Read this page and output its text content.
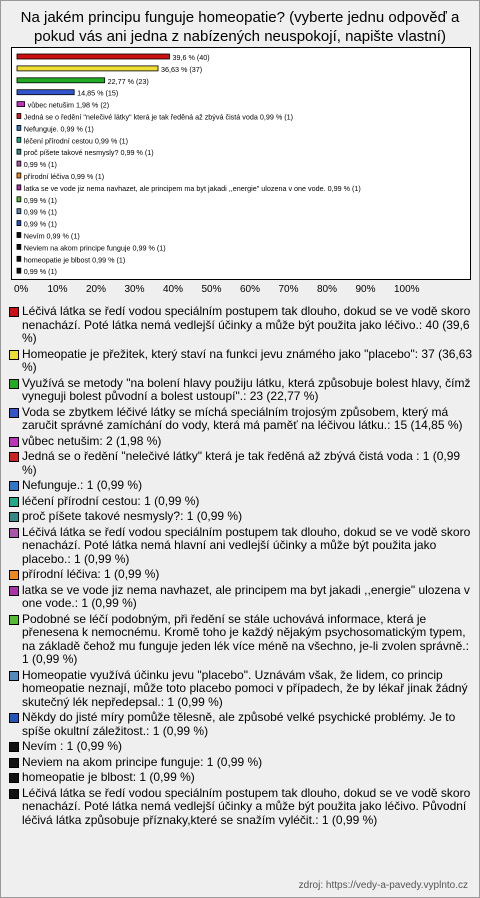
Na jakém principu funguje homeopatie? (vyberte jednu odpověď a pokud vás ani jedna z nabízených neuspokojí, napište vlastní)
39,6 % (40)
36,63 % (37)
22,77 % (23)
14,85 % (15)
vůbec netušim 1,98 % (2)
Jedná se o ředění "nelečivé látky" která je tak ředěná až zbývá čistá voda 0,99 % (1)
Nefunguje. 0,99 % (1)
léčení přírodní cestou 0,99 % (1)
proč píšete takové nesmysly? 0,99 % (1)
0,99 % (1)
přírodní léčiva 0,99 % (1)
latka se ve vode jiz nema navhazet, ale principem ma byt jakadi ,,energie" ulozena v one vode. 0,99 % (1)
0,99 % (1)
0,99 % (1)
0,99 % (1)
Nevím 0,99 % (1)
Neviem na akom principe funguje 0,99 % (1)
homeopatie je blbost 0,99 % (1)
0,99 % (1)
0% 10% 20% 30% 40% 50% 60% 70% 80% 90% 100%
Léčivá látka se ředí vodou speciálním postupem tak dlouho, dokud se ve vodě skoro nenachází. Poté látka nemá vedlejší účinky a může být použita jako léčivo.: 40 (39,6 %)
Homeopatie je přežitek, který staví na funkci jevu známého jako "placebo": 37 (36,63 %)
Využívá se metody "na bolení hlavy použiju látku, která způsobuje bolest hlavy, čímž vyneguji bolest původní a bolest ustoupí".: 23 (22,77 %)
Voda se zbytkem léčivé látky se míchá speciálním trojosým způsobem, který má zaručit správné zamíchání do vody, která má paměť na léčivou látku.: 15 (14,85 %)
vůbec netušim: 2 (1,98 %)
Jedná se o ředění "nelečivé látky" která je tak ředěná až zbývá čistá voda : 1 (0,99 %)
Nefunguje.: 1 (0,99 %)
léčení přírodní cestou: 1 (0,99 %)
proč píšete takové nesmysly?: 1 (0,99 %)
Léčivá látka se ředí vodou speciálním postupem tak dlouho, dokud se ve vodě skoro nenachází. Poté látka nemá hlavní ani vedlejší účinky a může být použita jako placebo.: 1 (0,99 %)
přírodní léčiva: 1 (0,99 %)
latka se ve vode jiz nema navhazet, ale principem ma byt jakadi ,,energie" ulozena v one vode.: 1 (0,99 %)
Podobné se léčí podobným, při ředění se stále uchovává informace, která je přenesena k nemocnému. Kromě toho je každý nějakým psychosomatickým typem, na základě čehož mu funguje jeden lék více méně na všechno, je-li zvolen správně.: 1 (0,99 %)
Homeopatie využívá účinku jevu "placebo". Uznávám však, že lidem, co princip homeopatie neznají, může toto placebo pomoci v případech, že by lékař jinak žádný skutečný lék nepředepsal.: 1 (0,99 %)
Někdy do jisté míry pomůže tělesně, ale způsobé velké psychické problémy. Je to spíše okultní záležitost.: 1 (0,99 %)
Nevím : 1 (0,99 %)
Neviem na akom principe funguje: 1 (0,99 %)
homeopatie je blbost: 1 (0,99 %)
Léčivá látka se ředí vodou speciálním postupem tak dlouho, dokud se ve vodě skoro nenachází. Poté látka nemá vedlejší účinky a může být použita jako léčivo. Původní léčivá látka způsobuje příznaky,které se snažím vyléčit.: 1 (0,99 %)
zdroj: https://vedy-a-pavedy.vyplnto.cz
